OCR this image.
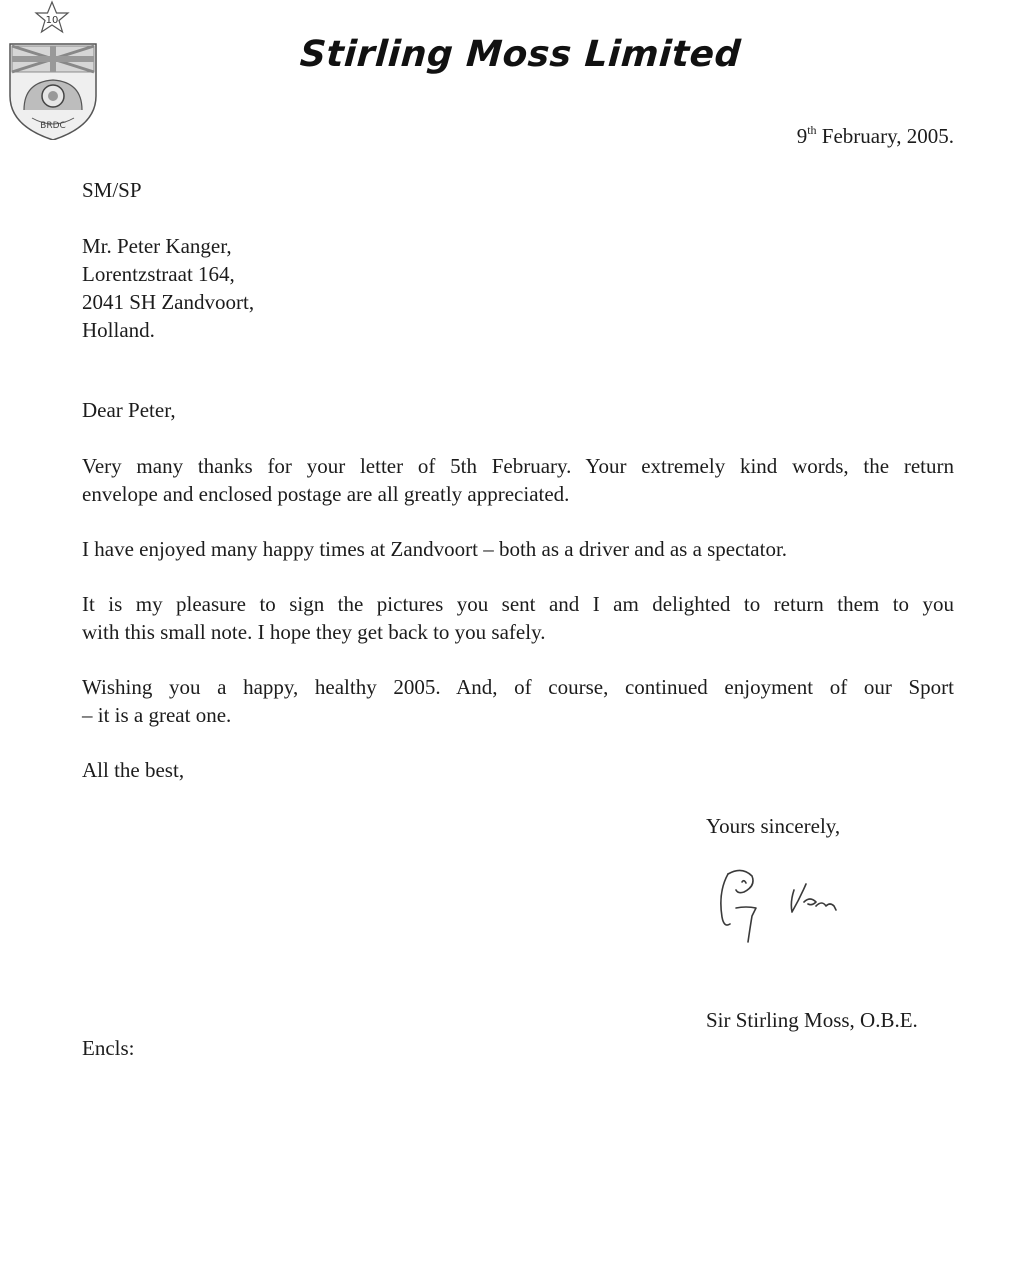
10
BRDC
Stirling Moss Limited
9th February, 2005.
SM/SP
Mr. Peter Kanger,
Lorentzstraat 164,
2041 SH Zandvoort,
Holland.
Dear Peter,
Very many thanks for your letter of 5th February. Your extremely kind words, the return
envelope and enclosed postage are all greatly appreciated.
I have enjoyed many happy times at Zandvoort – both as a driver and as a spectator.
It is my pleasure to sign the pictures you sent and I am delighted to return them to you
with this small note. I hope they get back to you safely.
Wishing you a happy, healthy 2005. And, of course, continued enjoyment of our Sport
– it is a great one.
All the best,
Yours sincerely,
Sir Stirling Moss, O.B.E.
Encls:
